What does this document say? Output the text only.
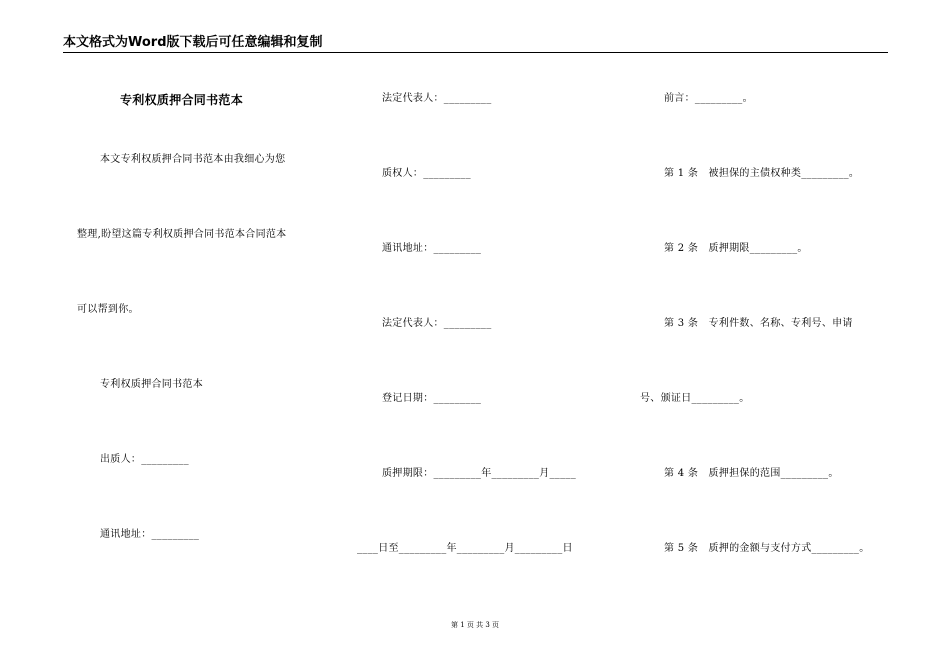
本文格式为Word版下载后可任意编辑和复制
专利权质押合同书范本
本文专利权质押合同书范本由我细心为您
整理,盼望这篇专利权质押合同书范本合同范本
可以帮到你。
专利权质押合同书范本
出质人：_________
通讯地址：_________
法定代表人：_________
质权人：_________
通讯地址：_________
法定代表人：_________
登记日期：_________
质押期限：_________年_________月_____
____日至_________年_________月_________日
前言：_________。
第 1 条　被担保的主债权种类_________。
第 2 条　质押期限_________。
第 3 条　专利件数、名称、专利号、申请
号、颁证日_________。
第 4 条　质押担保的范围_________。
第 5 条　质押的金额与支付方式_________。
第 1 页 共 3 页
